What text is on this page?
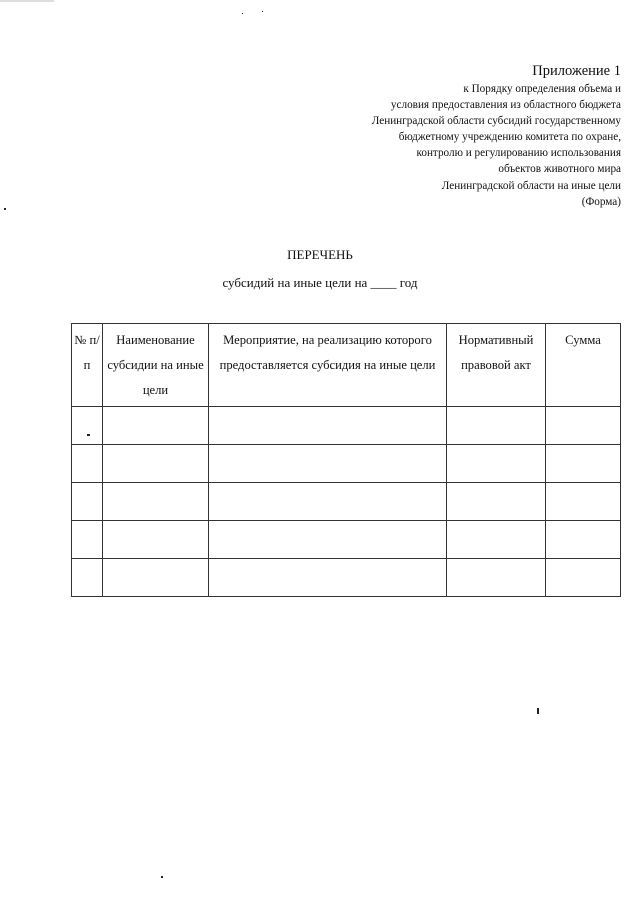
Приложение 1
к Порядку определения объема и
условия предоставления из областного бюджета
Ленинградской области субсидий государственному
бюджетному учреждению комитета по охране,
контролю и регулированию использования
объектов животного мира
Ленинградской области на иные цели
(Форма)
ПЕРЕЧЕНЬ
субсидий на иные цели на ____ год
№ п/п	Наименование субсидии на иные цели	Мероприятие, на реализацию которого предоставляется субсидия на иные цели	Нормативный правовой акт	Сумма
